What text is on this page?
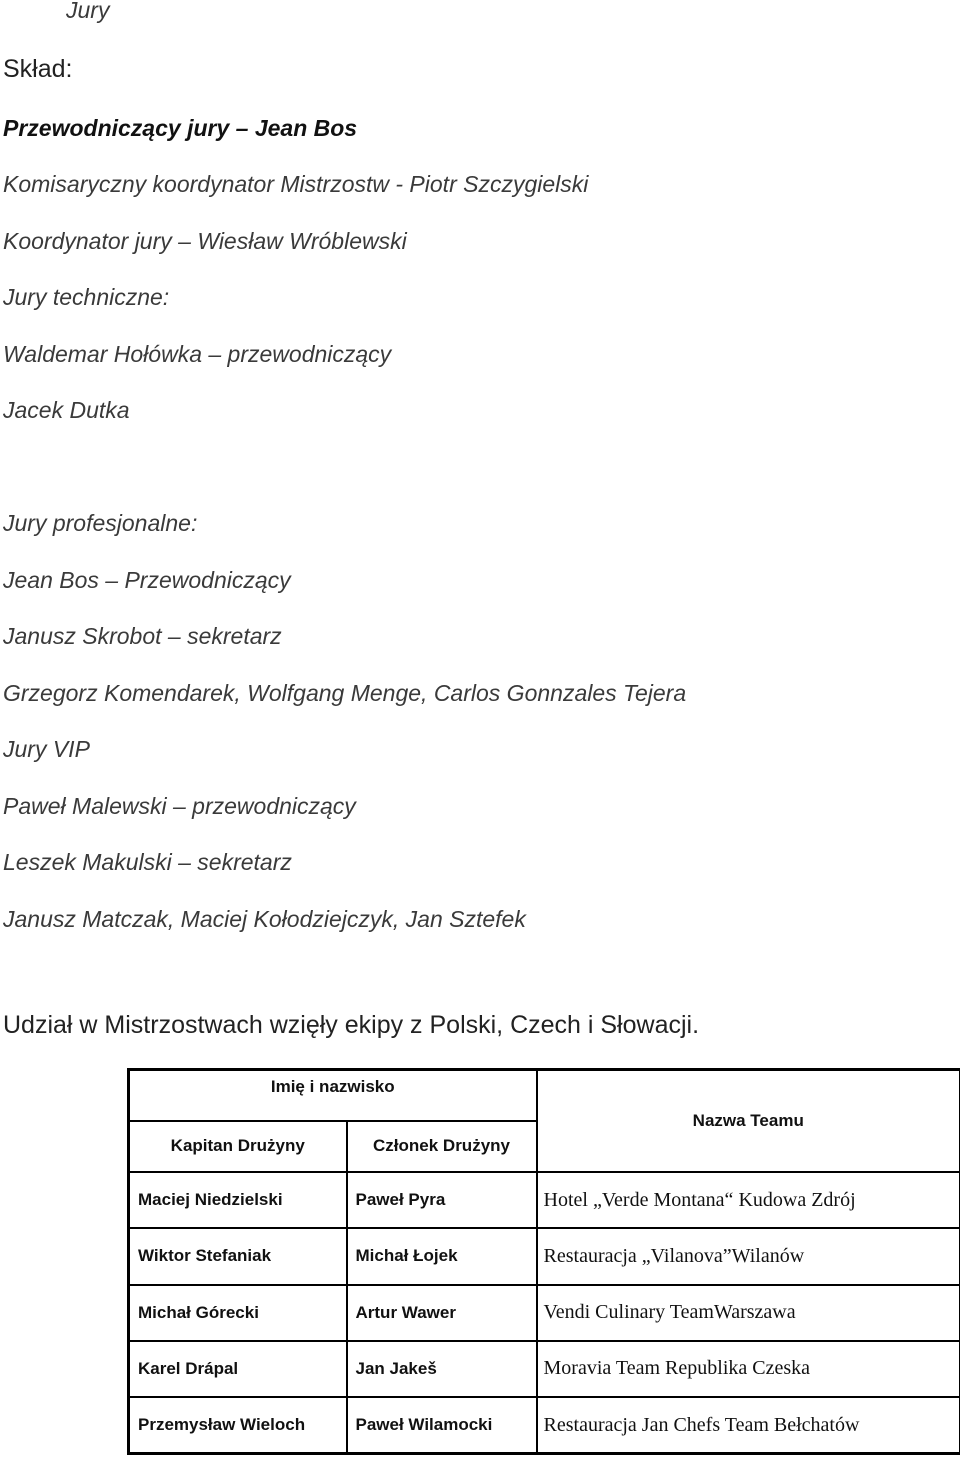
Jury
Skład:
Przewodniczący jury – Jean Bos
Komisaryczny koordynator Mistrzostw - Piotr Szczygielski
Koordynator jury – Wiesław Wróblewski
Jury techniczne:
Waldemar Hołówka – przewodniczący
Jacek Dutka
Jury profesjonalne:
Jean Bos – Przewodniczący
Janusz Skrobot – sekretarz
Grzegorz Komendarek, Wolfgang Menge, Carlos Gonnzales Tejera
Jury VIP
Paweł Malewski – przewodniczący
Leszek Makulski – sekretarz
Janusz Matczak, Maciej Kołodziejczyk, Jan Sztefek
Udział w Mistrzostwach wzięły ekipy z Polski, Czech i Słowacji.
Imię i nazwisko		Nazwa Teamu
Kapitan Drużyny	Członek Drużyny	
Maciej Niedzielski	Paweł Pyra	Hotel „Verde Montana“ Kudowa Zdrój
Wiktor Stefaniak	Michał Łojek	Restauracja „Vilanova”Wilanów
Michał Górecki	Artur Wawer	Vendi Culinary TeamWarszawa
Karel Drápal	Jan Jakeš	Moravia Team Republika Czeska
Przemysław Wieloch	Paweł Wilamocki	Restauracja Jan Chefs Team Bełchatów
